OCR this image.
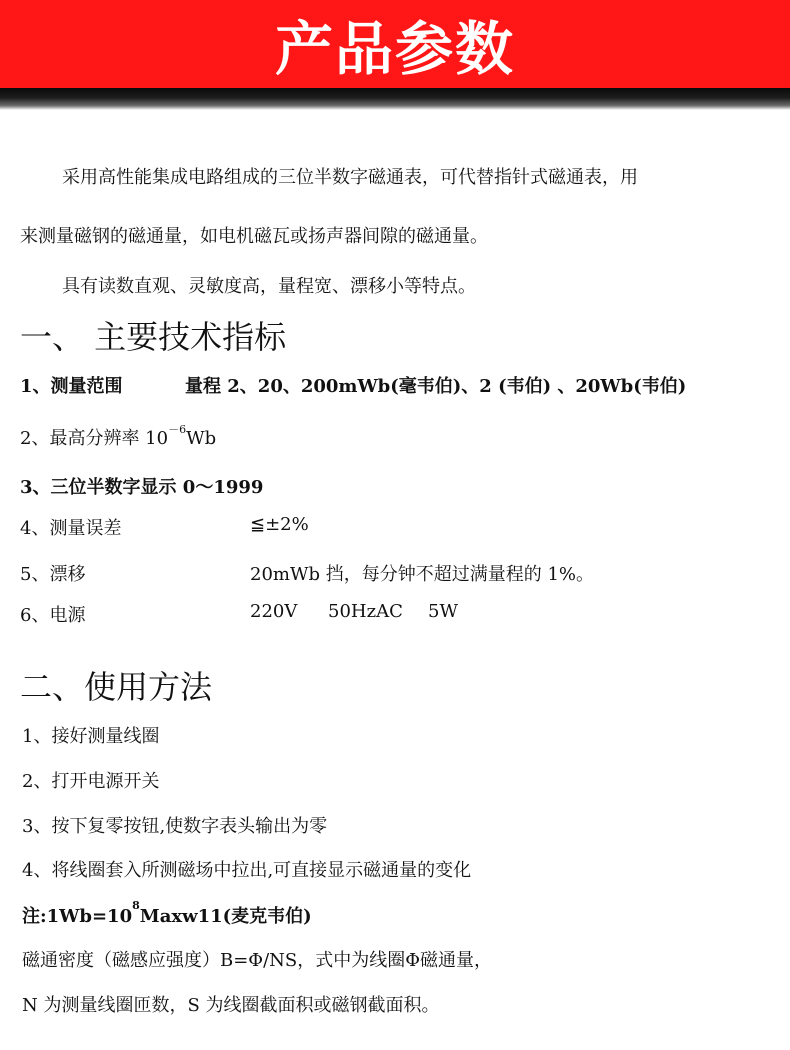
产品参数
采用高性能集成电路组成的三位半数字磁通表，可代替指针式磁通表，用
来测量磁钢的磁通量，如电机磁瓦或扬声器间隙的磁通量。
具有读数直观、灵敏度高，量程宽、漂移小等特点。
一、 主要技术指标
1、测量范围	量程 2、20、200mWb(毫韦伯)、2 (韦伯) 、20Wb(韦伯)
2、最高分辨率 $10^{-6}Wb$
3、三位半数字显示 0～1999
4、测量误差	≦±2%
5、漂移	20mWb 挡，每分钟不超过满量程的 1%。
6、电源	220V 50HzAC 5W
二、使用方法
1、接好测量线圈
2、打开电源开关
3、按下复零按钮,使数字表头输出为零
4、将线圈套入所测磁场中拉出,可直接显示磁通量的变化
注$:1Wb=10^8Maxw11$(麦克韦伯)
磁通密度（磁感应强度）B=Φ/NS，式中为线圈Φ磁通量，
N 为测量线圈匝数，S 为线圈截面积或磁钢截面积。
